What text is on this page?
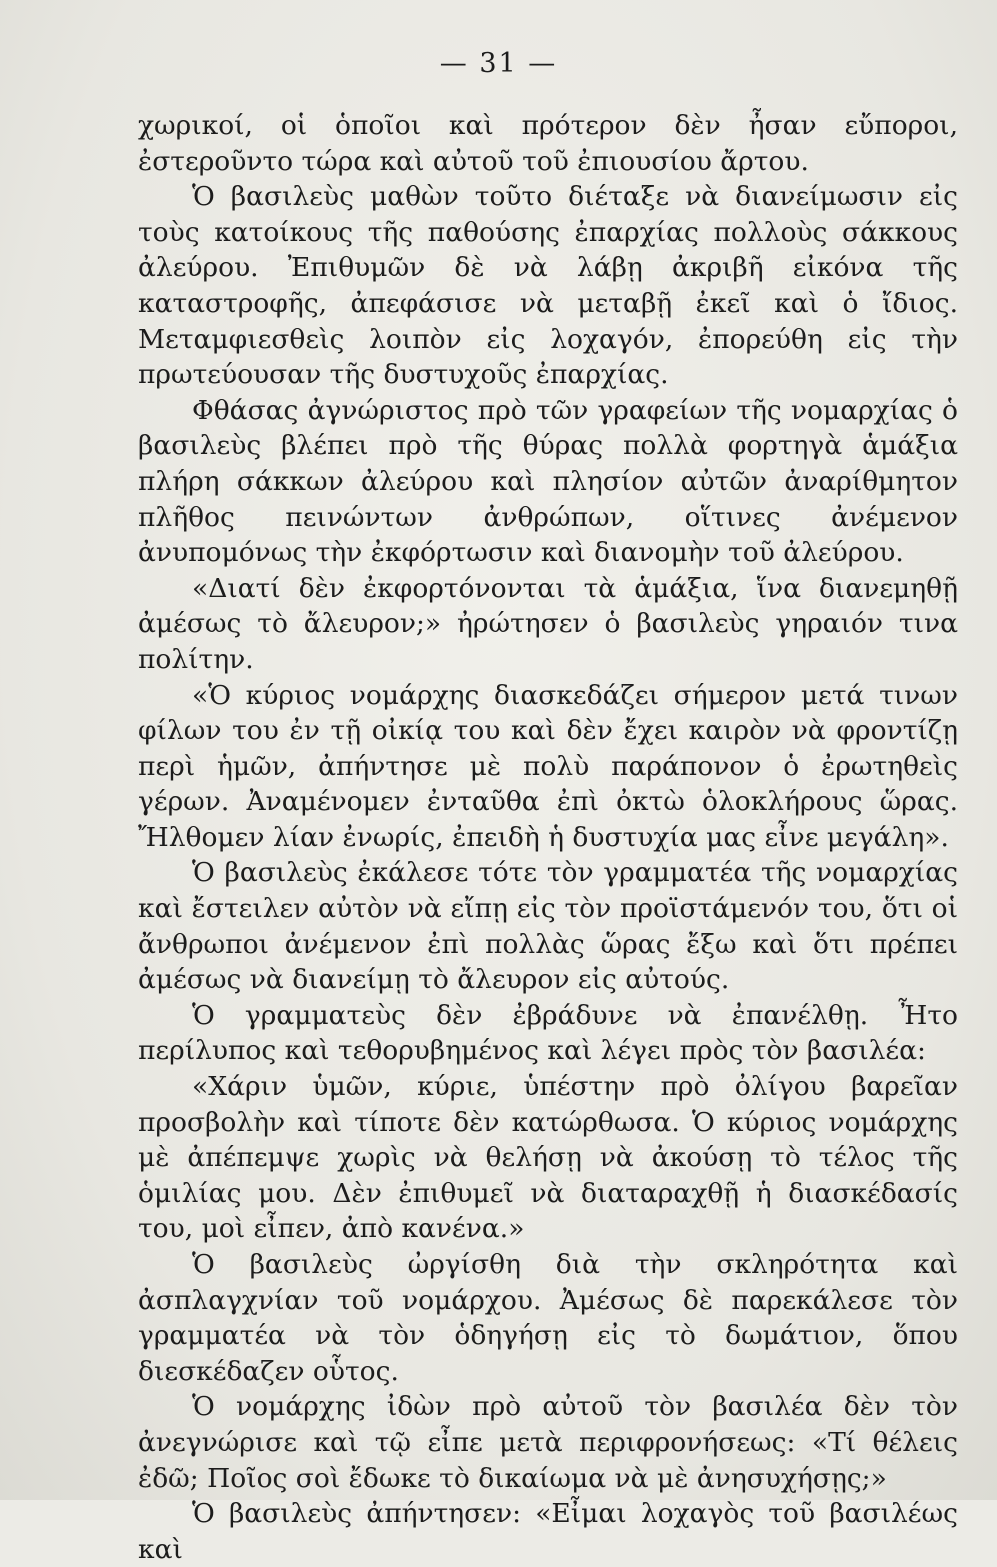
— 31 —

χωρικοί, οἱ ὁποῖοι καὶ πρότερον δὲν ἦσαν εὔποροι, ἐστεροῦντο τώρα καὶ αὐτοῦ τοῦ ἐπιουσίου ἄρτου.

Ὁ βασιλεὺς μαθὼν τοῦτο διέταξε νὰ διανείμωσιν εἰς τοὺς κατοίκους τῆς παθούσης ἐπαρχίας πολλοὺς σάκκους ἀλεύρου. Ἐπιθυμῶν δὲ νὰ λάβῃ ἀκριβῆ εἰκόνα τῆς καταστροφῆς, ἀπεφάσισε νὰ μεταβῇ ἐκεῖ καὶ ὁ ἴδιος. Μεταμφιεσθεὶς λοιπὸν εἰς λοχαγόν, ἐπορεύθη εἰς τὴν πρωτεύουσαν τῆς δυστυχοῦς ἐπαρχίας.

Φθάσας ἀγνώριστος πρὸ τῶν γραφείων τῆς νομαρχίας ὁ βασιλεὺς βλέπει πρὸ τῆς θύρας πολλὰ φορτηγὰ ἁμάξια πλήρη σάκκων ἀλεύρου καὶ πλησίον αὐτῶν ἀναρίθμητον πλῆθος πεινώντων ἀνθρώπων, οἵτινες ἀνέμενον ἀνυπομόνως τὴν ἐκφόρτωσιν καὶ διανομὴν τοῦ ἀλεύρου.

«Διατί δὲν ἐκφορτόνονται τὰ ἁμάξια, ἵνα διανεμηθῇ ἀμέσως τὸ ἄλευρον;» ἠρώτησεν ὁ βασιλεὺς γηραιόν τινα πολίτην.

«Ὁ κύριος νομάρχης διασκεδάζει σήμερον μετά τινων φίλων του ἐν τῇ οἰκίᾳ του καὶ δὲν ἔχει καιρὸν νὰ φροντίζῃ περὶ ἡμῶν, ἀπήντησε μὲ πολὺ παράπονον ὁ ἐρωτηθεὶς γέρων. Ἀναμένομεν ἐνταῦθα ἐπὶ ὀκτὼ ὁλοκλήρους ὥρας. Ἤλθομεν λίαν ἐνωρίς, ἐπειδὴ ἡ δυστυχία μας εἶνε μεγάλη».

Ὁ βασιλεὺς ἐκάλεσε τότε τὸν γραμματέα τῆς νομαρχίας καὶ ἔστειλεν αὐτὸν νὰ εἴπῃ εἰς τὸν προϊστάμενόν του, ὅτι οἱ ἄνθρωποι ἀνέμενον ἐπὶ πολλὰς ὥρας ἔξω καὶ ὅτι πρέπει ἀμέσως νὰ διανείμῃ τὸ ἄλευρον εἰς αὐτούς.

Ὁ γραμματεὺς δὲν ἐβράδυνε νὰ ἐπανέλθῃ. Ἦτο περίλυπος καὶ τεθορυβημένος καὶ λέγει πρὸς τὸν βασιλέα:

«Χάριν ὑμῶν, κύριε, ὑπέστην πρὸ ὀλίγου βαρεῖαν προσβολὴν καὶ τίποτε δὲν κατώρθωσα. Ὁ κύριος νομάρχης μὲ ἀπέπεμψε χωρὶς νὰ θελήσῃ νὰ ἀκούσῃ τὸ τέλος τῆς ὁμιλίας μου. Δὲν ἐπιθυμεῖ νὰ διαταραχθῇ ἡ διασκέδασίς του, μοὶ εἶπεν, ἀπὸ κανένα.»

Ὁ βασιλεὺς ὠργίσθη διὰ τὴν σκληρότητα καὶ ἀσπλαγχνίαν τοῦ νομάρχου. Ἀμέσως δὲ παρεκάλεσε τὸν γραμματέα νὰ τὸν ὁδηγήσῃ εἰς τὸ δωμάτιον, ὅπου διεσκέδαζεν οὗτος.

Ὁ νομάρχης ἰδὼν πρὸ αὐτοῦ τὸν βασιλέα δὲν τὸν ἀνεγνώρισε καὶ τῷ εἶπε μετὰ περιφρονήσεως: «Τί θέλεις ἐδῶ; Ποῖος σοὶ ἔδωκε τὸ δικαίωμα νὰ μὲ ἀνησυχήσῃς;»

Ὁ βασιλεὺς ἀπήντησεν: «Εἶμαι λοχαγὸς τοῦ βασιλέως καὶ
